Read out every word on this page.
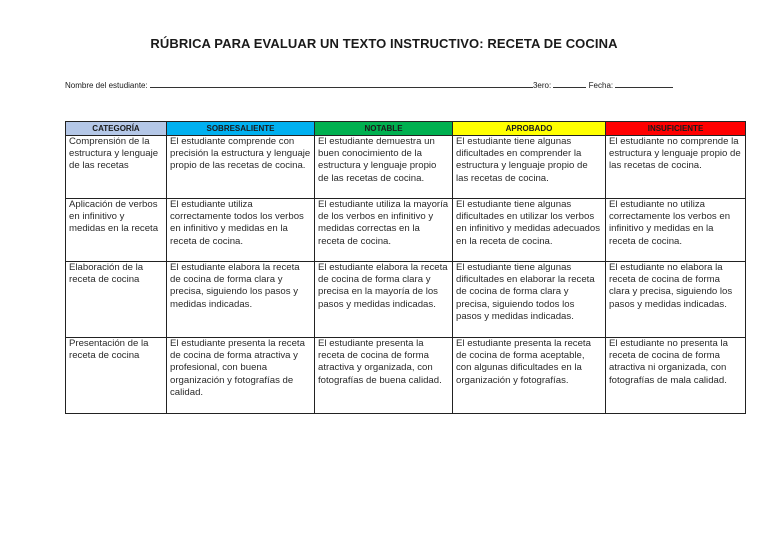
RÚBRICA PARA EVALUAR UN TEXTO INSTRUCTIVO: RECETA DE COCINA
Nombre del estudiante:	3ero:	Fecha:
CATEGORÍA	SOBRESALIENTE	NOTABLE	APROBADO	INSUFICIENTE
Comprensión de la estructura y lenguaje de las recetas	El estudiante comprende con precisión la estructura y lenguaje propio de las recetas de cocina.	El estudiante demuestra un buen conocimiento de la estructura y lenguaje propio de las recetas de cocina.	El estudiante tiene algunas dificultades en comprender la estructura y lenguaje propio de las recetas de cocina.	El estudiante no comprende la estructura y lenguaje propio de las recetas de cocina.
Aplicación de verbos en infinitivo y medidas en la receta	El estudiante utiliza correctamente todos los verbos en infinitivo y medidas en la receta de cocina.	El estudiante utiliza la mayoría de los verbos en infinitivo y medidas correctas en la receta de cocina.	El estudiante tiene algunas dificultades en utilizar los verbos en infinitivo y medidas adecuados en la receta de cocina.	El estudiante no utiliza correctamente los verbos en infinitivo y medidas en la receta de cocina.
Elaboración de la receta de cocina	El estudiante elabora la receta de cocina de forma clara y precisa, siguiendo los pasos y medidas indicadas.	El estudiante elabora la receta de cocina de forma clara y precisa en la mayoría de los pasos y medidas indicadas.	El estudiante tiene algunas dificultades en elaborar la receta de cocina de forma clara y precisa, siguiendo todos los pasos y medidas indicadas.	El estudiante no elabora la receta de cocina de forma clara y precisa, siguiendo los pasos y medidas indicadas.
Presentación de la receta de cocina	El estudiante presenta la receta de cocina de forma atractiva y profesional, con buena organización y fotografías de calidad.	El estudiante presenta la receta de cocina de forma atractiva y organizada, con fotografías de buena calidad.	El estudiante presenta la receta de cocina de forma aceptable, con algunas dificultades en la organización y fotografías.	El estudiante no presenta la receta de cocina de forma atractiva ni organizada, con fotografías de mala calidad.
